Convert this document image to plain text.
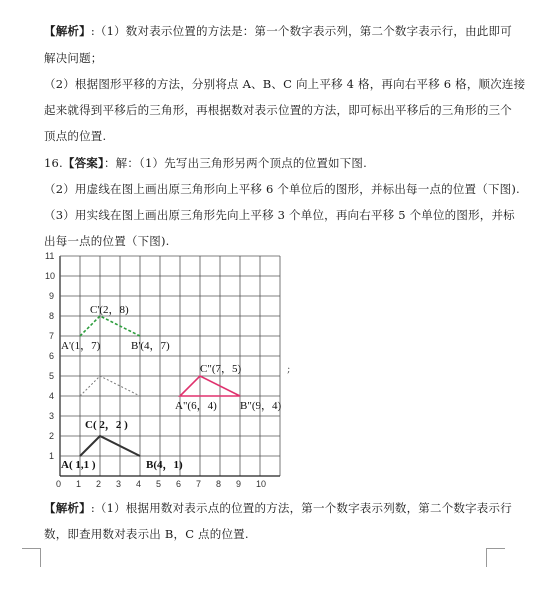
【解析】:（1）数对表示位置的方法是：第一个数字表示列，第二个数字表示行，由此即可
解决问题；
（2）根据图形平移的方法，分别将点 A、B、C 向上平移 4 格，再向右平移 6 格，顺次连接
起来就得到平移后的三角形，再根据数对表示位置的方法，即可标出平移后的三角形的三个
顶点的位置.
16.【答案】：解：（1）先写出三角形另两个顶点的位置如下图.
（2）用虚线在图上画出原三角形向上平移 6 个单位后的图形，并标出每一点的位置（下图).
（3）用实线在图上画出原三角形先向上平移 3 个单位，再向右平移 5 个单位的图形，并标
出每一点的位置（下图).
0 1 2 3 4 5 6 7 8 9 10
1
2
3
4
5
6
7
8
9
10
11
C'(2，8)
A'(1，7)	B'(4，7)
C"(7，5)
A"(6，4) B"(9，4)
C( 2，2 )
A( 1,1 )	B(4，1)
;
【解析】:（1）根据用数对表示点的位置的方法，第一个数字表示列数，第二个数字表示行
数，即查用数对表示出 B，C 点的位置.
